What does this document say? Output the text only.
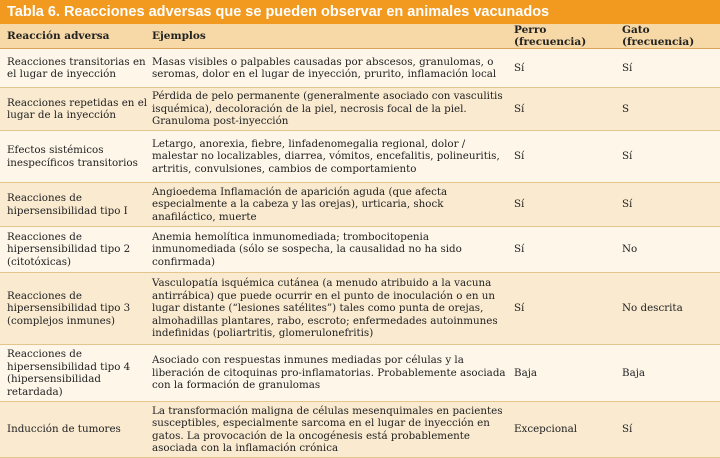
Tabla 6. Reacciones adversas que se pueden observar en animales vacunados
Reacción adversa	Ejemplos	Perro (frecuencia)	Gato (frecuencia)
Reacciones transitorias en el lugar de inyección	Masas visibles o palpables causadas por abscesos, granulomas, o seromas, dolor en el lugar de inyección, prurito, inflamación local	Sí	Sí
Reacciones repetidas en el lugar de la inyección	Pérdida de pelo permanente (generalmente asociado con vasculitis isquémica), decoloración de la piel, necrosis focal de la piel. Granuloma post-inyección	Sí	S
Efectos sistémicos inespecíficos transitorios	Letargo, anorexia, fiebre, linfadenomegalia regional, dolor / malestar no localizables, diarrea, vómitos, encefalitis, polineuritis, artritis, convulsiones, cambios de comportamiento	Sí	Sí
Reacciones de hipersensibilidad tipo I	Angioedema Inflamación de aparición aguda (que afecta especialmente a la cabeza y las orejas), urticaria, shock anafiláctico, muerte	Sí	Sí
Reacciones de hipersensibilidad tipo 2 (citotóxicas)	Anemia hemolítica inmunomediada; trombocitopenia inmunomediada (sólo se sospecha, la causalidad no ha sido confirmada)	Sí	No
Reacciones de hipersensibilidad tipo 3 (complejos inmunes)	Vasculopatía isquémica cutánea (a menudo atribuido a la vacuna antirrábica) que puede ocurrir en el punto de inoculación o en un lugar distante (“lesiones satélites”) tales como punta de orejas, almohadillas plantares, rabo, escroto; enfermedades autoinmunes indefinidas (poliartritis, glomerulonefritis)	Sí	No descrita
Reacciones de hipersensibilidad tipo 4 (hipersensibilidad retardada)	Asociado con respuestas inmunes mediadas por células y la liberación de citoquinas pro-inflamatorias. Probablemente asociada con la formación de granulomas	Baja	Baja
Inducción de tumores	La transformación maligna de células mesenquimales en pacientes susceptibles, especialmente sarcoma en el lugar de inyección en gatos. La provocación de la oncogénesis está probablemente asociada con la inflamación crónica	Excepcional	Sí
